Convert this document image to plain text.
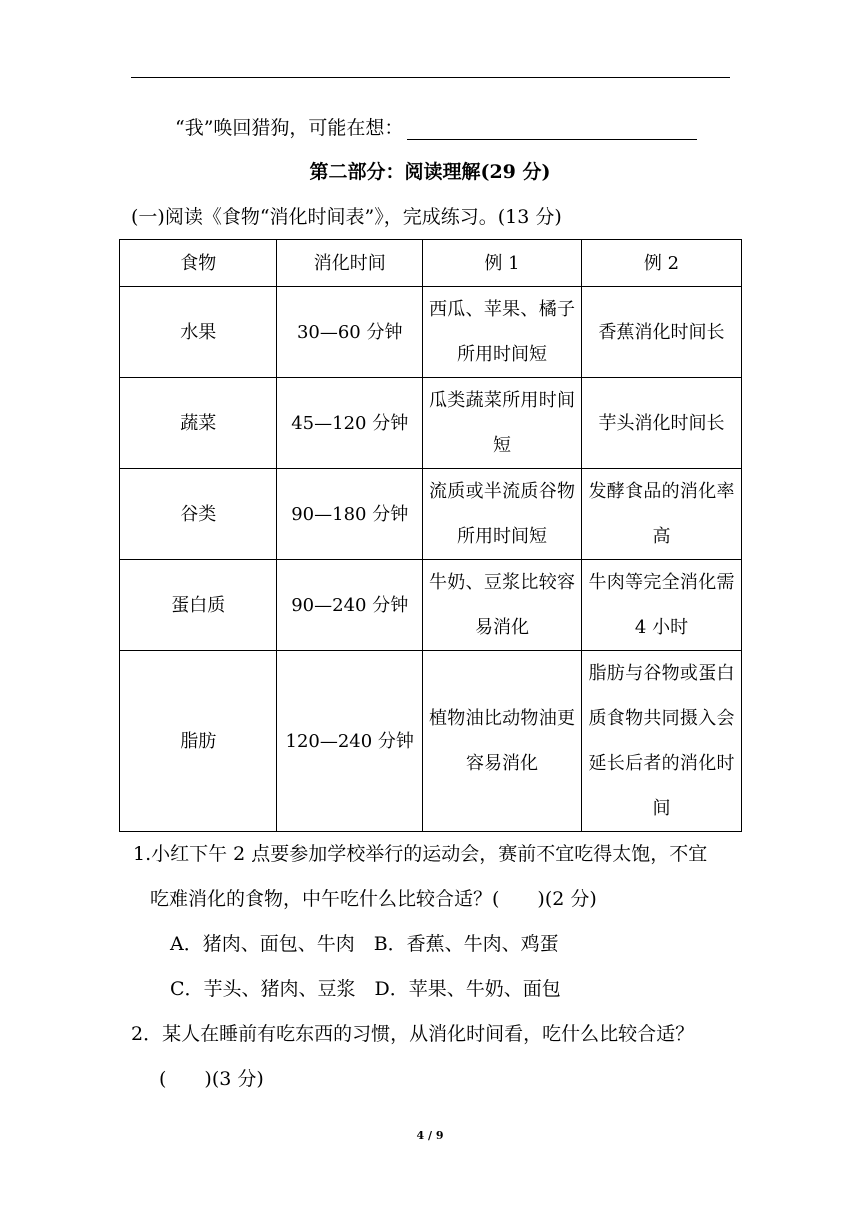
“我”唤回猎狗，可能在想：
第二部分：阅读理解(29 分)
(一)阅读《食物“消化时间表”》，完成练习。(13 分)
食物	消化时间	例 1	例 2
水果	30—60 分钟	西瓜、苹果、橘子所用时间短	香蕉消化时间长

蔬菜	45—120 分钟	瓜类蔬菜所用时间短	芋头消化时间长

谷类	90—180 分钟	流质或半流质谷物所用时间短	发酵食品的消化率高

蛋白质	90—240 分钟	牛奶、豆浆比较容易消化	牛肉等完全消化需 4 小时

脂肪	120—240 分钟	植物油比动物油更容易消化	脂肪与谷物或蛋白质食物共同摄入会延长后者的消化时间
1.小红下午 2 点要参加学校举行的运动会，赛前不宜吃得太饱，不宜
吃难消化的食物，中午吃什么比较合适？(　　)(2 分)
A．猪肉、面包、牛肉　B．香蕉、牛肉、鸡蛋
C．芋头、猪肉、豆浆　D．苹果、牛奶、面包
2．某人在睡前有吃东西的习惯，从消化时间看，吃什么比较合适？
(　　)(3 分)
4 / 9
